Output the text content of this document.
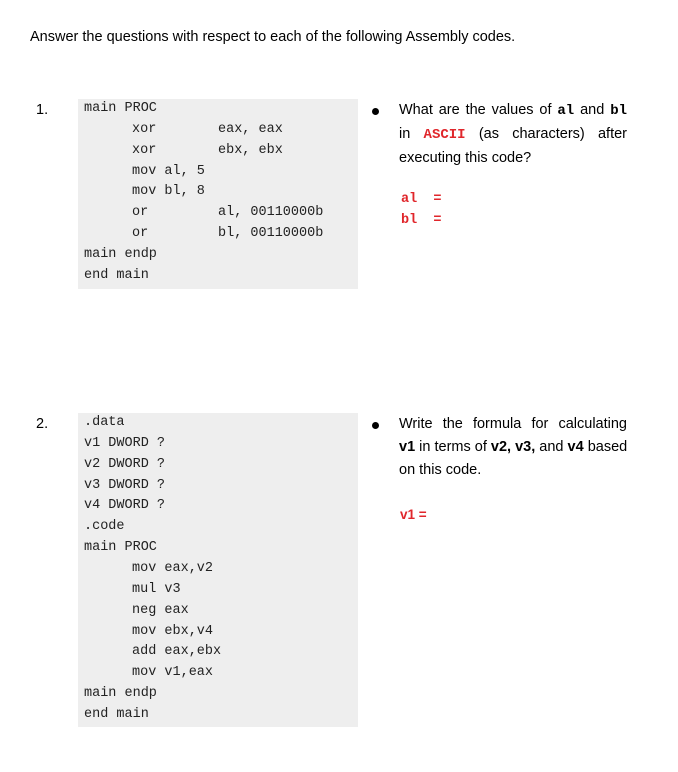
Answer the questions with respect to each of the following Assembly codes.
1.	main PROC
xor	eax, eax
xor	ebx, ebx
mov al, 5
mov bl, 8
or	al, 00110000b
or	bl, 00110000b
main endp
end main
What are the values of al and bl
in ASCII (as characters) after
executing this code?
al  =
bl  =
2.	.data
v1 DWORD ?
v2 DWORD ?
v3 DWORD ?
v4 DWORD ?
.code
main PROC
mov eax,v2
mul v3
neg eax
mov ebx,v4
add eax,ebx
mov v1,eax
main endp
end main
Write the formula for calculating
v1 in terms of v2, v3, and v4 based
on this code.
v1 =
